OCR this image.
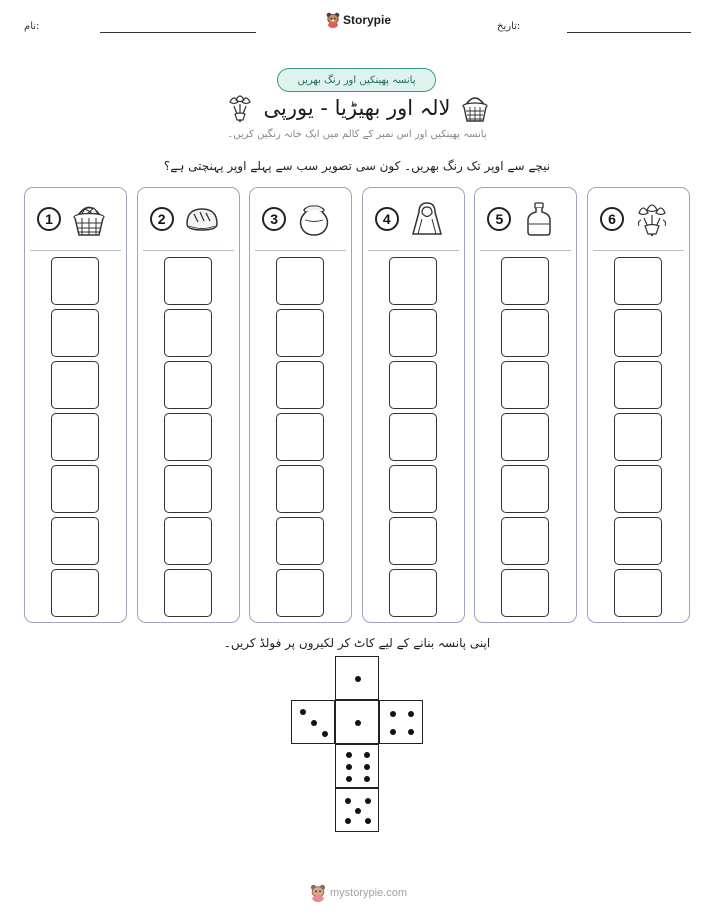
نام:	Storypie	تاریخ:
پانسہ پھینکیں اور رنگ بھریں
لالہ اور بھیڑیا - یورپی
پانسہ پھینکیں اور اس نمبر کے کالم میں ایک خانہ رنگین کریں۔
نیچے سے اوپر تک رنگ بھریں۔ کون سی تصویر سب سے پہلے اوپر پہنچتی ہے؟
1	2	3	4	5	6
اپنی پانسہ بنانے کے لیے کاٹ کر لکیروں پر فولڈ کریں۔
mystorypie.com
